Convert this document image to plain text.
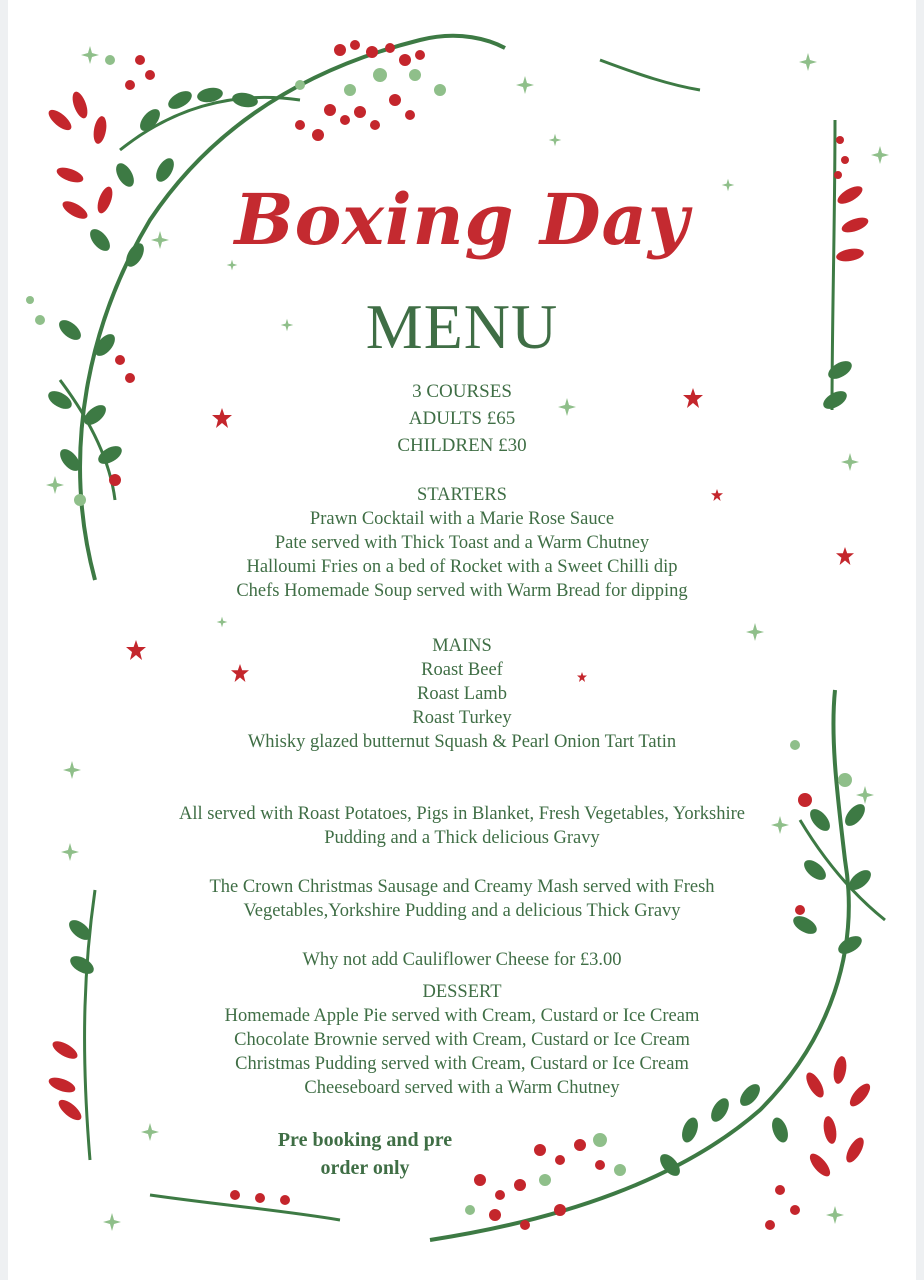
Boxing Day
MENU
3 COURSES
ADULTS £65
CHILDREN £30
STARTERS
Prawn Cocktail with a Marie Rose Sauce
Pate served with Thick Toast and a Warm Chutney
Halloumi Fries on a bed of Rocket with a Sweet Chilli dip
Chefs Homemade Soup served with Warm Bread for dipping
MAINS
Roast Beef
Roast Lamb
Roast Turkey
Whisky glazed butternut Squash & Pearl Onion Tart Tatin
All served with Roast Potatoes, Pigs in Blanket, Fresh Vegetables, Yorkshire
Pudding and a Thick delicious Gravy
The Crown Christmas Sausage and Creamy Mash served with Fresh
Vegetables,Yorkshire Pudding and a delicious Thick Gravy
Why not add Cauliflower Cheese for £3.00
DESSERT
Homemade Apple Pie served with Cream, Custard or Ice Cream
Chocolate Brownie served with Cream, Custard or Ice Cream
Christmas Pudding served with Cream, Custard or Ice Cream
Cheeseboard served with a Warm Chutney
Pre booking and pre
order only
